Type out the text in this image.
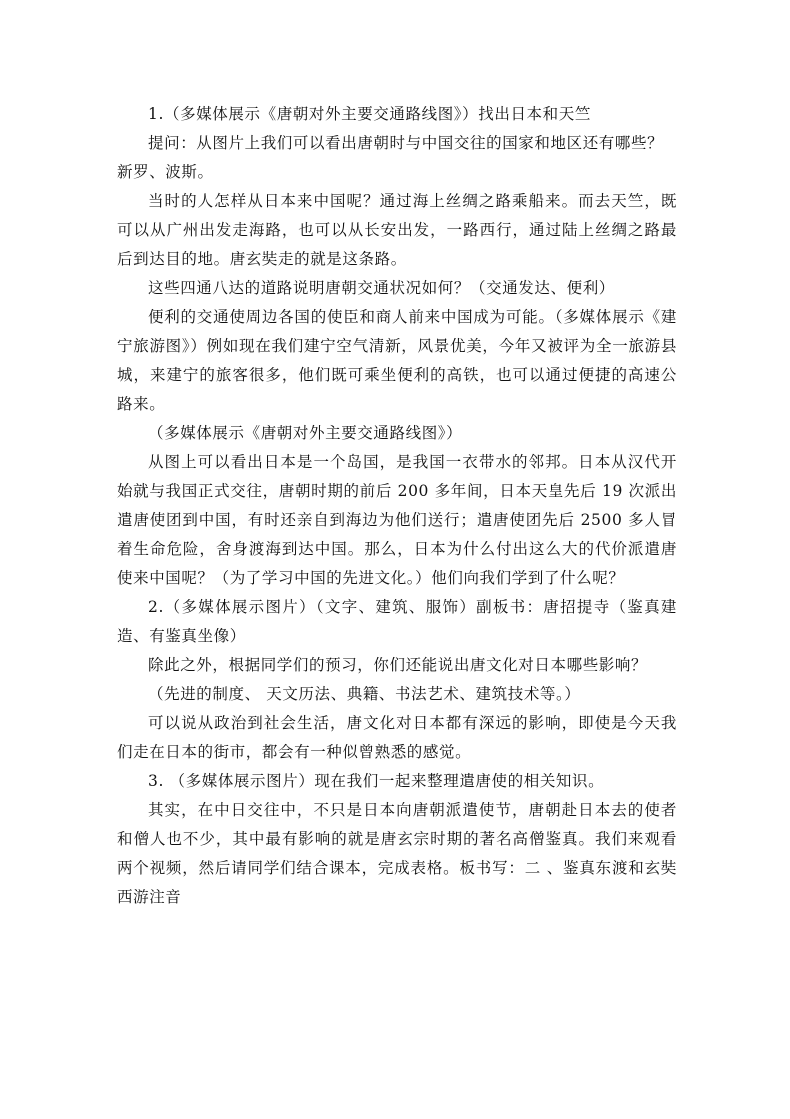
1.（多媒体展示《唐朝对外主要交通路线图》）找出日本和天竺

提问：从图片上我们可以看出唐朝时与中国交往的国家和地区还有哪些？

新罗、波斯。

当时的人怎样从日本来中国呢？通过海上丝绸之路乘船来。而去天竺，既可以从广州出发走海路，也可以从长安出发，一路西行，通过陆上丝绸之路最后到达目的地。唐玄奘走的就是这条路。

这些四通八达的道路说明唐朝交通状况如何？（交通发达、便利）

便利的交通使周边各国的使臣和商人前来中国成为可能。（多媒体展示《建宁旅游图》）例如现在我们建宁空气清新，风景优美，今年又被评为全一旅游县城，来建宁的旅客很多，他们既可乘坐便利的高铁，也可以通过便捷的高速公路来。

（多媒体展示《唐朝对外主要交通路线图》）

从图上可以看出日本是一个岛国，是我国一衣带水的邻邦。日本从汉代开始就与我国正式交往，唐朝时期的前后 200 多年间，日本天皇先后 19 次派出遣唐使团到中国，有时还亲自到海边为他们送行；遣唐使团先后 2500 多人冒着生命危险，舍身渡海到达中国。那么，日本为什么付出这么大的代价派遣唐使来中国呢？（为了学习中国的先进文化。）他们向我们学到了什么呢？

2.（多媒体展示图片）（文字、建筑、服饰）副板书：唐招提寺（鉴真建造、有鉴真坐像）

除此之外，根据同学们的预习，你们还能说出唐文化对日本哪些影响？

（先进的制度、 天文历法、典籍、书法艺术、建筑技术等。）

可以说从政治到社会生活，唐文化对日本都有深远的影响，即使是今天我们走在日本的街市，都会有一种似曾熟悉的感觉。

3. （多媒体展示图片）现在我们一起来整理遣唐使的相关知识。

其实，在中日交往中，不只是日本向唐朝派遣使节，唐朝赴日本去的使者和僧人也不少，其中最有影响的就是唐玄宗时期的著名高僧鉴真。我们来观看两个视频，然后请同学们结合课本，完成表格。板书写：二 、鉴真东渡和玄奘西游注音
